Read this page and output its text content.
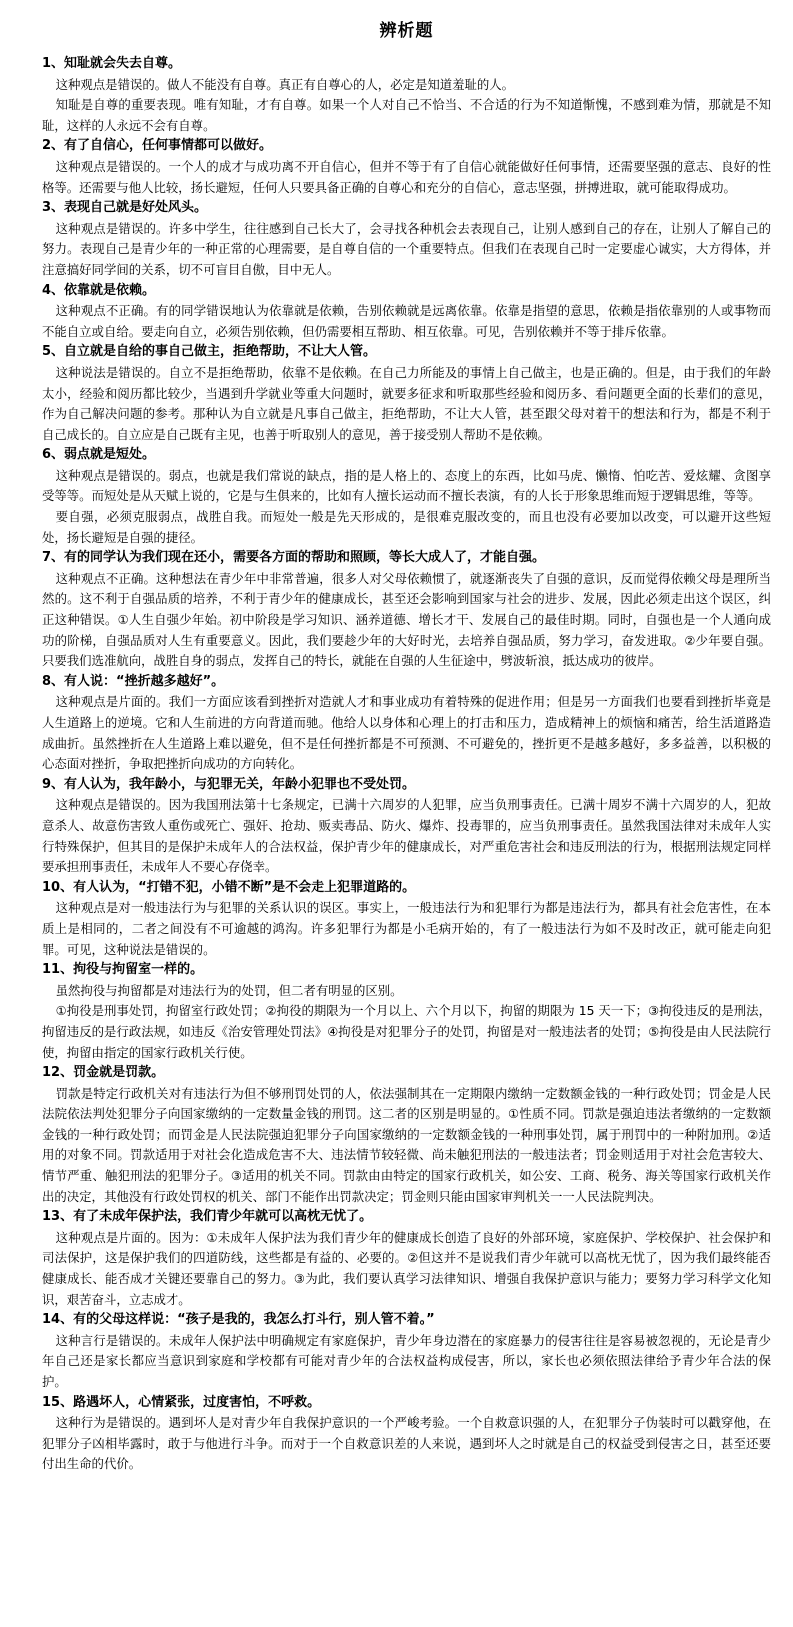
辨析题
1、知耻就会失去自尊。
这种观点是错误的。做人不能没有自尊。真正有自尊心的人，必定是知道羞耻的人。
知耻是自尊的重要表现。唯有知耻，才有自尊。如果一个人对自己不恰当、不合适的行为不知道惭愧，不感到难为情，那就是不知耻，这样的人永远不会有自尊。
2、有了自信心，任何事情都可以做好。
这种观点是错误的。一个人的成才与成功离不开自信心，但并不等于有了自信心就能做好任何事情，还需要坚强的意志、良好的性格等。还需要与他人比较，扬长避短，任何人只要具备正确的自尊心和充分的自信心，意志坚强，拼搏进取，就可能取得成功。
3、表现自己就是好处风头。
这种观点是错误的。许多中学生，往往感到自己长大了，会寻找各种机会去表现自己，让别人感到自己的存在，让别人了解自己的努力。表现自己是青少年的一种正常的心理需要，是自尊自信的一个重要特点。但我们在表现自己时一定要虚心诚实，大方得体，并注意搞好同学间的关系，切不可盲目自傲，目中无人。
4、依靠就是依赖。
这种观点不正确。有的同学错误地认为依靠就是依赖，告别依赖就是远离依靠。依靠是指望的意思，依赖是指依靠别的人或事物而不能自立或自给。要走向自立，必须告别依赖，但仍需要相互帮助、相互依靠。可见，告别依赖并不等于排斥依靠。
5、自立就是自给的事自己做主，拒绝帮助，不让大人管。
这种说法是错误的。自立不是拒绝帮助，依靠不是依赖。在自己力所能及的事情上自己做主，也是正确的。但是，由于我们的年龄太小，经验和阅历都比较少，当遇到升学就业等重大问题时，就要多征求和听取那些经验和阅历多、看问题更全面的长辈们的意见，作为自己解决问题的参考。那种认为自立就是凡事自己做主，拒绝帮助，不让大人管，甚至跟父母对着干的想法和行为，都是不利于自己成长的。自立应是自己既有主见，也善于听取别人的意见，善于接受别人帮助不是依赖。
6、弱点就是短处。
这种观点是错误的。弱点，也就是我们常说的缺点，指的是人格上的、态度上的东西，比如马虎、懒惰、怕吃苦、爱炫耀、贪图享受等等。而短处是从天赋上说的，它是与生俱来的，比如有人擅长运动而不擅长表演，有的人长于形象思维而短于逻辑思维，等等。
要自强，必须克服弱点，战胜自我。而短处一般是先天形成的，是很难克服改变的，而且也没有必要加以改变，可以避开这些短处，扬长避短是自强的捷径。
7、有的同学认为我们现在还小，需要各方面的帮助和照顾，等长大成人了，才能自强。
这种观点不正确。这种想法在青少年中非常普遍，很多人对父母依赖惯了，就逐渐丧失了自强的意识，反而觉得依赖父母是理所当然的。这不利于自强品质的培养，不利于青少年的健康成长，甚至还会影响到国家与社会的进步、发展，因此必须走出这个误区，纠正这种错误。①人生自强少年始。初中阶段是学习知识、涵养道德、增长才干、发展自己的最佳时期。同时，自强也是一个人通向成功的阶梯，自强品质对人生有重要意义。因此，我们要趁少年的大好时光，去培养自强品质，努力学习，奋发进取。②少年要自强。只要我们选准航向，战胜自身的弱点，发挥自己的特长，就能在自强的人生征途中，劈波斩浪，抵达成功的彼岸。
8、有人说：“挫折越多越好”。
这种观点是片面的。我们一方面应该看到挫折对造就人才和事业成功有着特殊的促进作用；但是另一方面我们也要看到挫折毕竟是人生道路上的逆境。它和人生前进的方向背道而驰。他给人以身体和心理上的打击和压力，造成精神上的烦恼和痛苦，给生活道路造成曲折。虽然挫折在人生道路上难以避免，但不是任何挫折都是不可预测、不可避免的，挫折更不是越多越好，多多益善，以积极的心态面对挫折，争取把挫折向成功的方向转化。
9、有人认为，我年龄小，与犯罪无关，年龄小犯罪也不受处罚。
这种观点是错误的。因为我国刑法第十七条规定，已满十六周岁的人犯罪，应当负刑事责任。已满十周岁不满十六周岁的人，犯故意杀人、故意伤害致人重伤或死亡、强奸、抢劫、贩卖毒品、防火、爆炸、投毒罪的，应当负刑事责任。虽然我国法律对未成年人实行特殊保护，但其目的是保护未成年人的合法权益，保护青少年的健康成长，对严重危害社会和违反刑法的行为，根据刑法规定同样要承担刑事责任，未成年人不要心存侥幸。
10、有人认为，“打错不犯，小错不断”是不会走上犯罪道路的。
这种观点是对一般违法行为与犯罪的关系认识的误区。事实上，一般违法行为和犯罪行为都是违法行为，都具有社会危害性，在本质上是相同的，二者之间没有不可逾越的鸿沟。许多犯罪行为都是小毛病开始的，有了一般违法行为如不及时改正，就可能走向犯罪。可见，这种说法是错误的。
11、拘役与拘留室一样的。
虽然拘役与拘留都是对违法行为的处罚，但二者有明显的区别。
①拘役是刑事处罚，拘留室行政处罚；②拘役的期限为一个月以上、六个月以下，拘留的期限为 15 天一下；③拘役违反的是刑法，拘留违反的是行政法规，如违反《治安管理处罚法》④拘役是对犯罪分子的处罚，拘留是对一般违法者的处罚；⑤拘役是由人民法院行使，拘留由指定的国家行政机关行使。
12、罚金就是罚款。
罚款是特定行政机关对有违法行为但不够刑罚处罚的人，依法强制其在一定期限内缴纳一定数额金钱的一种行政处罚；罚金是人民法院依法判处犯罪分子向国家缴纳的一定数量金钱的刑罚。这二者的区别是明显的。①性质不同。罚款是强迫违法者缴纳的一定数额金钱的一种行政处罚；而罚金是人民法院强迫犯罪分子向国家缴纳的一定数额金钱的一种刑事处罚，属于刑罚中的一种附加刑。②适用的对象不同。罚款适用于对社会化造成危害不大、违法情节较轻微、尚未触犯刑法的一般违法者；罚金则适用于对社会危害较大、情节严重、触犯刑法的犯罪分子。③适用的机关不同。罚款由由特定的国家行政机关，如公安、工商、税务、海关等国家行政机关作出的决定，其他没有行政处罚权的机关、部门不能作出罚款决定；罚金则只能由国家审判机关一一人民法院判决。
13、有了未成年保护法，我们青少年就可以高枕无忧了。
这种观点是片面的。因为：①未成年人保护法为我们青少年的健康成长创造了良好的外部环境，家庭保护、学校保护、社会保护和司法保护，这是保护我们的四道防线，这些都是有益的、必要的。②但这并不是说我们青少年就可以高枕无忧了，因为我们最终能否健康成长、能否成才关键还要靠自己的努力。③为此，我们要认真学习法律知识、增强自我保护意识与能力；要努力学习科学文化知识，艰苦奋斗，立志成才。
14、有的父母这样说：“孩子是我的，我怎么打斗行，别人管不着。”
这种言行是错误的。未成年人保护法中明确规定有家庭保护，青少年身边潜在的家庭暴力的侵害往往是容易被忽视的，无论是青少年自己还是家长都应当意识到家庭和学校都有可能对青少年的合法权益构成侵害，所以，家长也必须依照法律给予青少年合法的保护。
15、路遇坏人，心情紧张，过度害怕，不呼救。
这种行为是错误的。遇到坏人是对青少年自我保护意识的一个严峻考验。一个自救意识强的人，在犯罪分子伪装时可以戳穿他，在犯罪分子凶相毕露时，敢于与他进行斗争。而对于一个自救意识差的人来说，遇到坏人之时就是自己的权益受到侵害之日，甚至还要付出生命的代价。
